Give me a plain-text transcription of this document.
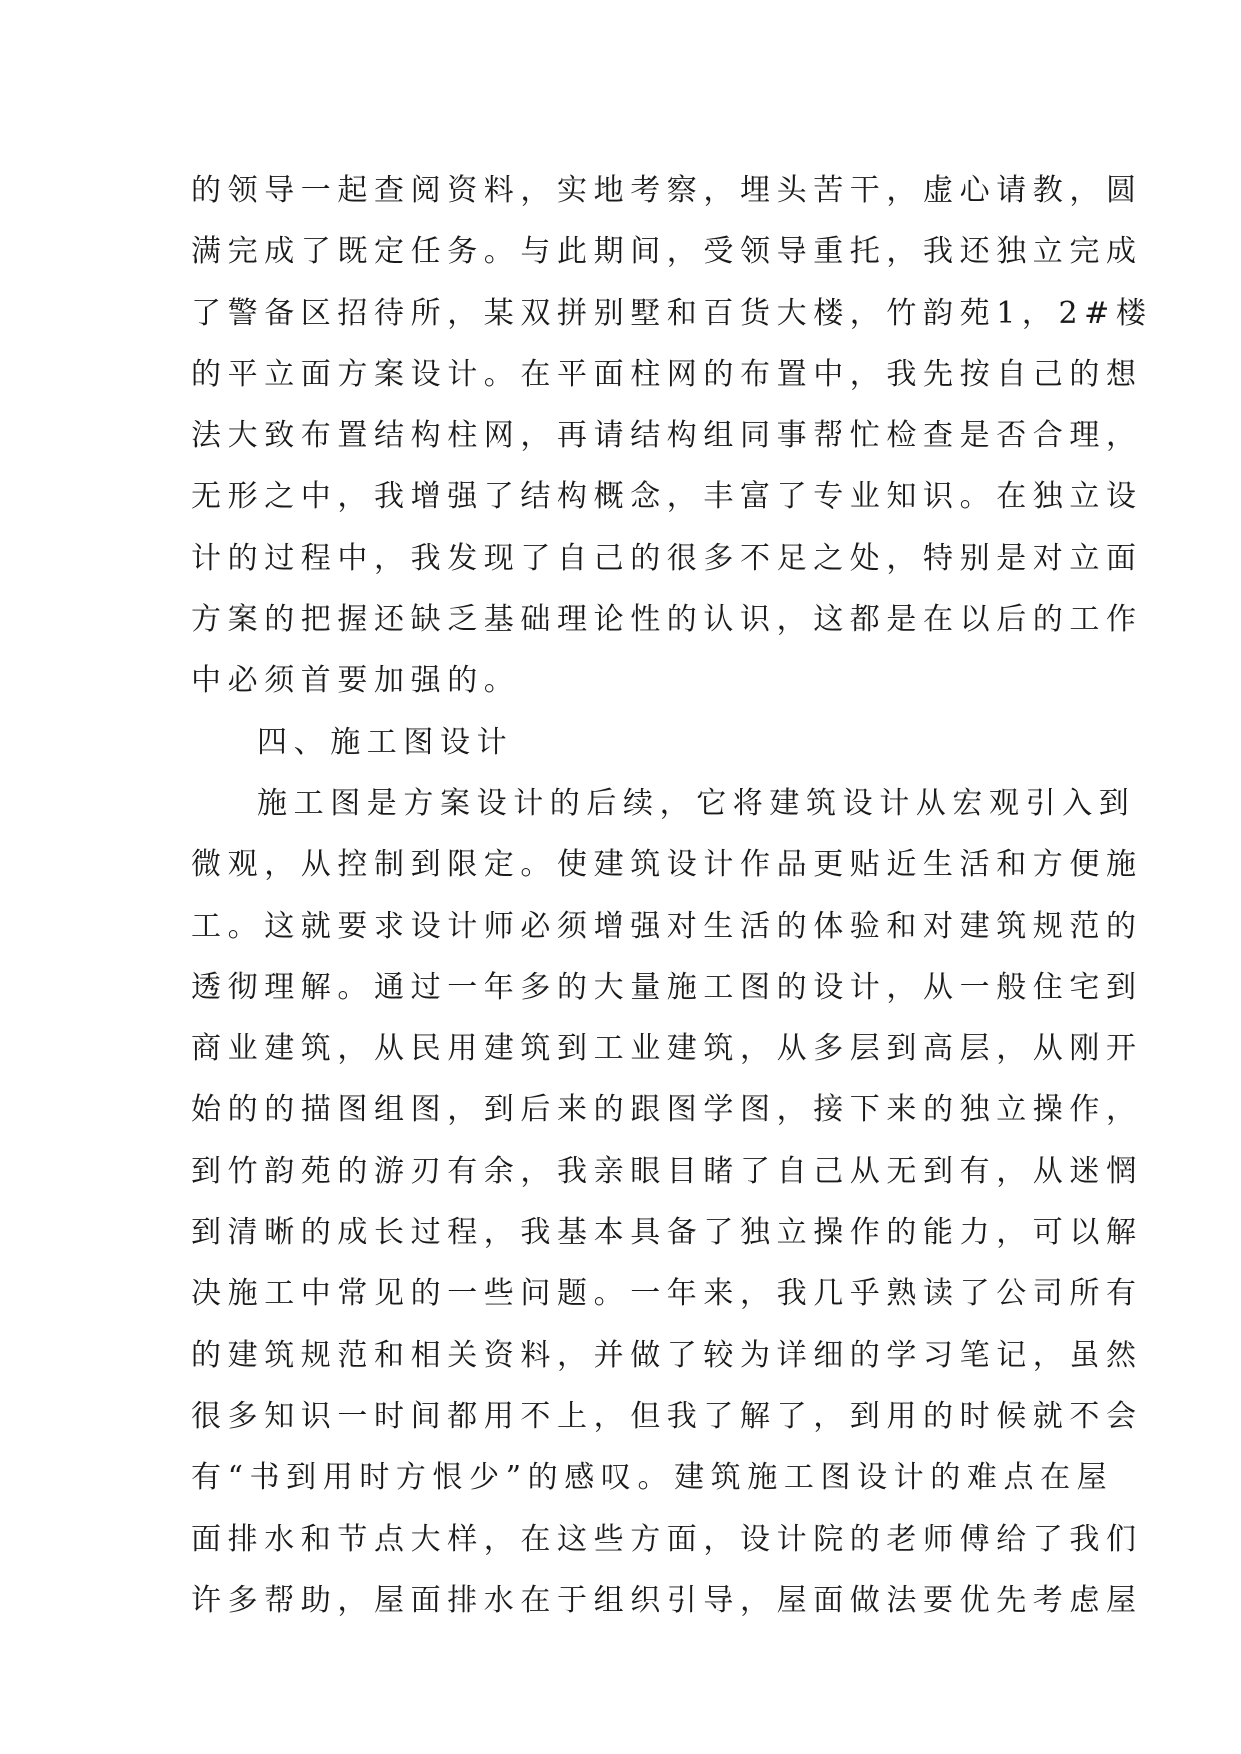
的领导一起查阅资料，实地考察，埋头苦干，虚心请教，圆
满完成了既定任务。与此期间，受领导重托，我还独立完成
了警备区招待所，某双拼别墅和百货大楼，竹韵苑1，2#楼
的平立面方案设计。在平面柱网的布置中，我先按自己的想
法大致布置结构柱网，再请结构组同事帮忙检查是否合理，
无形之中，我增强了结构概念，丰富了专业知识。在独立设
计的过程中，我发现了自己的很多不足之处，特别是对立面
方案的把握还缺乏基础理论性的认识，这都是在以后的工作
中必须首要加强的。
四、施工图设计
施工图是方案设计的后续，它将建筑设计从宏观引入到
微观，从控制到限定。使建筑设计作品更贴近生活和方便施
工。这就要求设计师必须增强对生活的体验和对建筑规范的
透彻理解。通过一年多的大量施工图的设计，从一般住宅到
商业建筑，从民用建筑到工业建筑，从多层到高层，从刚开
始的的描图组图，到后来的跟图学图，接下来的独立操作，
到竹韵苑的游刃有余，我亲眼目睹了自己从无到有，从迷惘
到清晰的成长过程，我基本具备了独立操作的能力，可以解
决施工中常见的一些问题。一年来，我几乎熟读了公司所有
的建筑规范和相关资料，并做了较为详细的学习笔记，虽然
很多知识一时间都用不上，但我了解了，到用的时候就不会
有“书到用时方恨少”的感叹。建筑施工图设计的难点在屋
面排水和节点大样，在这些方面，设计院的老师傅给了我们
许多帮助，屋面排水在于组织引导，屋面做法要优先考虑屋
